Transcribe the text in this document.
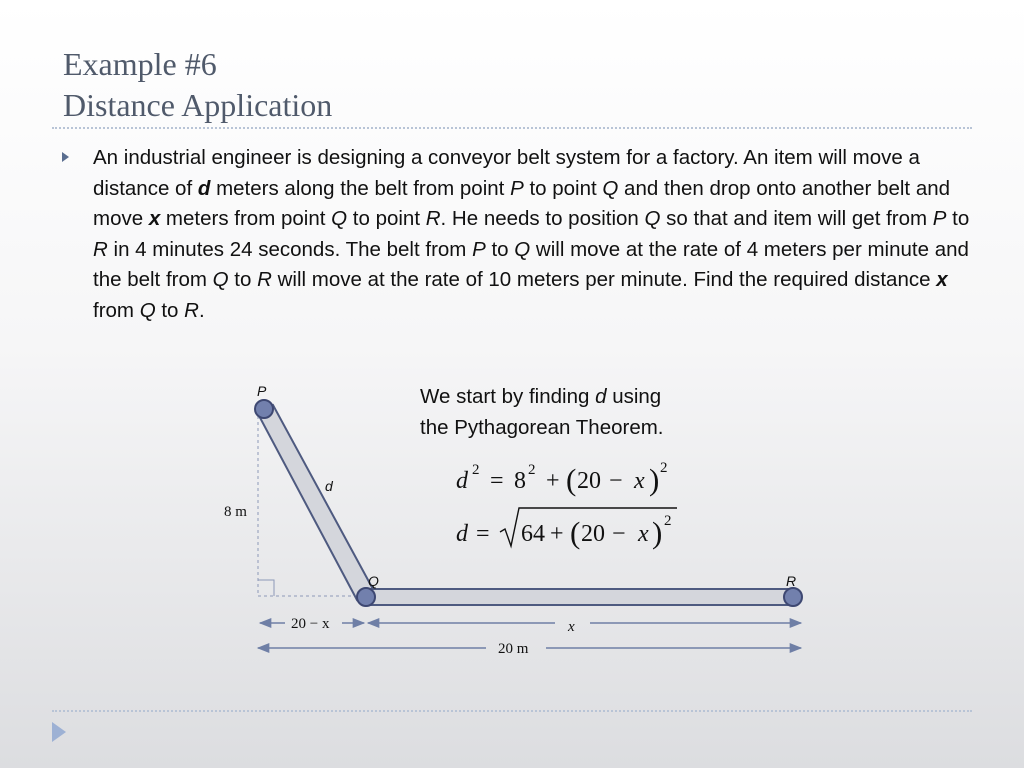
Example #6
Distance Application
An industrial engineer is designing a conveyor belt system for a factory. An item will move a distance of d meters along the belt from point P to point Q and then drop onto another belt and move x meters from point Q to point R. He needs to position Q so that and item will get from P to R in 4 minutes 24 seconds. The belt from P to Q will move at the rate of 4 meters per minute and the belt from Q to R will move at the rate of 10 meters per minute. Find the required distance x from Q to R.
We start by finding d using
the Pythagorean Theorem.
d 2 = 8 2 + ( 20 − x ) 2
d = 64 + ( 20 − x ) 2
P
Q	R
d
8 m
20 − x	x
20 m
